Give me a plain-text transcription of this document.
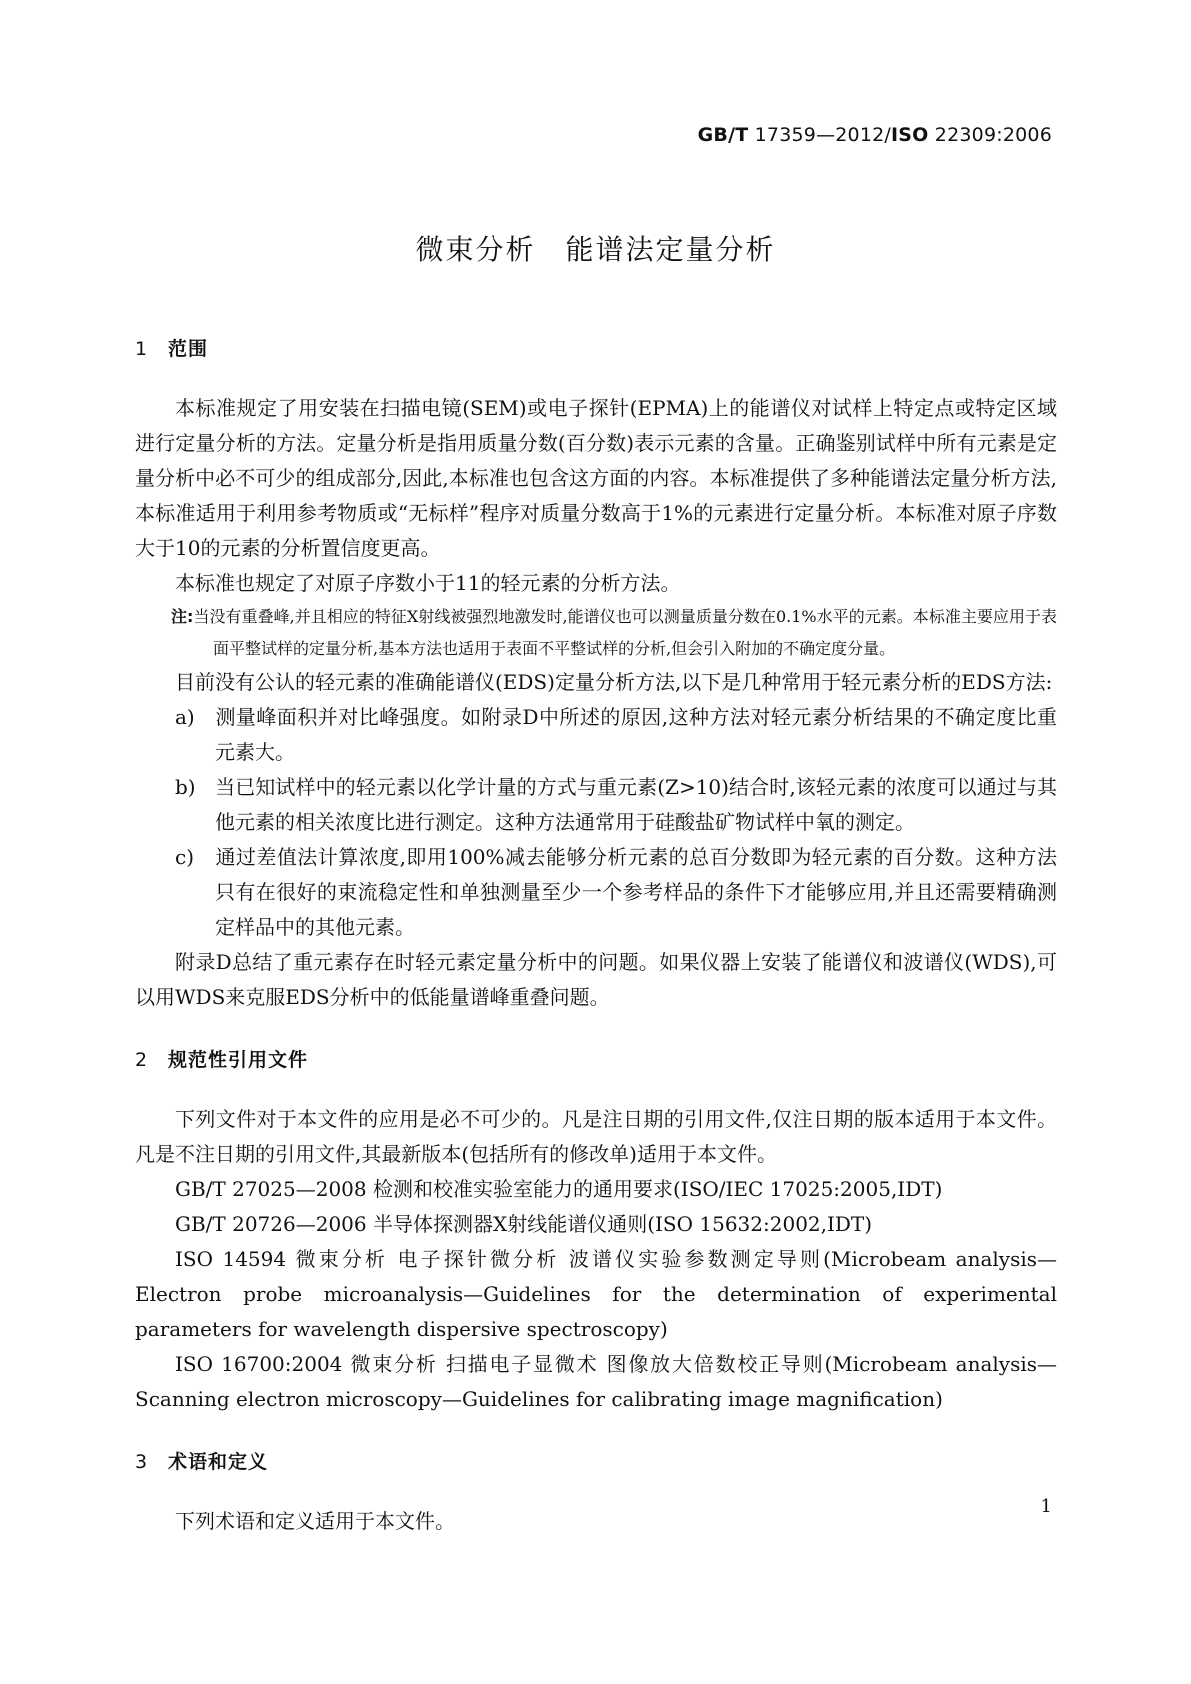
GB/T 17359—2012/ISO 22309:2006
微束分析 能谱法定量分析
1 范围

本标准规定了用安装在扫描电镜(SEM)或电子探针(EPMA)上的能谱仪对试样上特定点或特定区域进行定量分析的方法。定量分析是指用质量分数(百分数)表示元素的含量。正确鉴别试样中所有元素是定量分析中必不可少的组成部分,因此,本标准也包含这方面的内容。本标准提供了多种能谱法定量分析方法,本标准适用于利用参考物质或“无标样”程序对质量分数高于1%的元素进行定量分析。本标准对原子序数大于10的元素的分析置信度更高。

本标准也规定了对原子序数小于11的轻元素的分析方法。

注:当没有重叠峰,并且相应的特征X射线被强烈地激发时,能谱仪也可以测量质量分数在0.1%水平的元素。本标准主要应用于表面平整试样的定量分析,基本方法也适用于表面不平整试样的分析,但会引入附加的不确定度分量。

目前没有公认的轻元素的准确能谱仪(EDS)定量分析方法,以下是几种常用于轻元素分析的EDS方法:

a) 测量峰面积并对比峰强度。如附录D中所述的原因,这种方法对轻元素分析结果的不确定度比重元素大。
b) 当已知试样中的轻元素以化学计量的方式与重元素(Z>10)结合时,该轻元素的浓度可以通过与其他元素的相关浓度比进行测定。这种方法通常用于硅酸盐矿物试样中氧的测定。
c) 通过差值法计算浓度,即用100%减去能够分析元素的总百分数即为轻元素的百分数。这种方法只有在很好的束流稳定性和单独测量至少一个参考样品的条件下才能够应用,并且还需要精确测定样品中的其他元素。

附录D总结了重元素存在时轻元素定量分析中的问题。如果仪器上安装了能谱仪和波谱仪(WDS),可以用WDS来克服EDS分析中的低能量谱峰重叠问题。

2 规范性引用文件

下列文件对于本文件的应用是必不可少的。凡是注日期的引用文件,仅注日期的版本适用于本文件。凡是不注日期的引用文件,其最新版本(包括所有的修改单)适用于本文件。

GB/T 27025—2008 检测和校准实验室能力的通用要求(ISO/IEC 17025:2005,IDT)

GB/T 20726—2006 半导体探测器X射线能谱仪通则(ISO 15632:2002,IDT)

ISO 14594 微束分析 电子探针微分析 波谱仪实验参数测定导则(Microbeam analysis—Electron probe microanalysis—Guidelines for the determination of experimental parameters for wavelength dispersive spectroscopy)

ISO 16700:2004 微束分析 扫描电子显微术 图像放大倍数校正导则(Microbeam analysis—Scanning electron microscopy—Guidelines for calibrating image magnification)

3 术语和定义

下列术语和定义适用于本文件。

1
